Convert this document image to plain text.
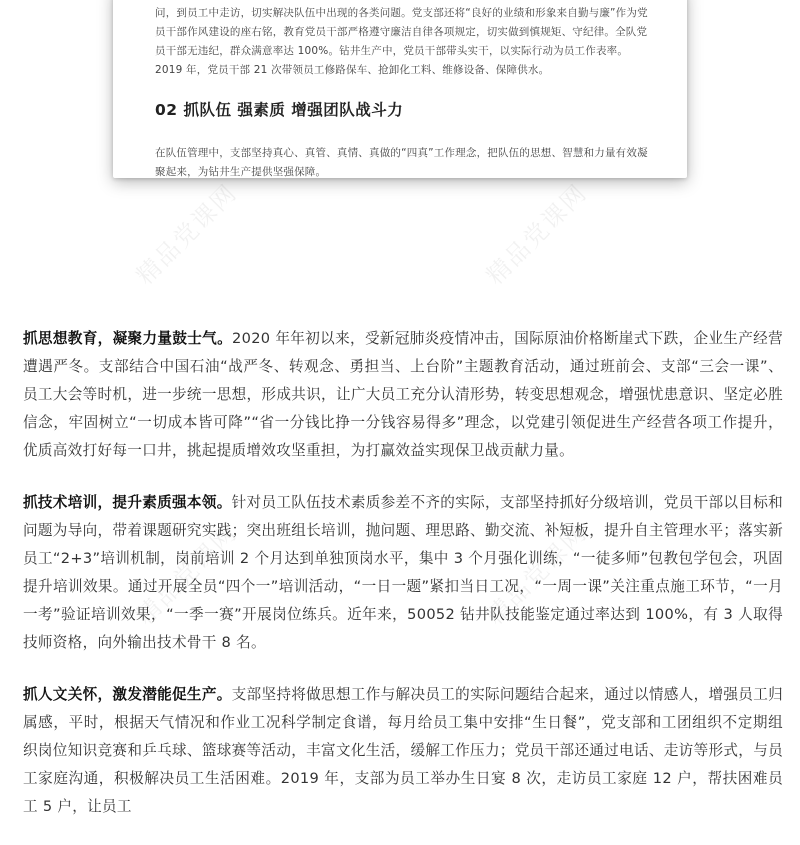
精品党课网	精品党课网
精品党课网	精品党课网

问，到员工中走访，切实解决队伍中出现的各类问题。党支部还将“良好的业绩和形象来自勤与廉”作为党员干部作风建设的座右铭，教育党员干部严格遵守廉洁自律各项规定，切实做到慎规矩、守纪律。全队党员干部无违纪，群众满意率达 100%。钻井生产中，党员干部带头实干，以实际行动为员工作表率。2019 年，党员干部 21 次带领员工修路保车、抢卸化工料、维修设备、保障供水。

02 抓队伍 强素质 增强团队战斗力

在队伍管理中，支部坚持真心、真管、真情、真做的“四真”工作理念，把队伍的思想、智慧和力量有效凝聚起来，为钻井生产提供坚强保障。

抓思想教育，凝聚力量鼓士气。2020 年年初以来，受新冠肺炎疫情冲击，国际原油价格断崖式下跌，企业生产经营遭遇严冬。支部结合中国石油“战严冬、转观念、勇担当、上台阶”主题教育活动，通过班前会、支部“三会一课”、员工大会等时机，进一步统一思想，形成共识，让广大员工充分认清形势，转变思想观念，增强忧患意识、坚定必胜信念，牢固树立“一切成本皆可降”“省一分钱比挣一分钱容易得多”理念，以党建引领促进生产经营各项工作提升，优质高效打好每一口井，挑起提质增效攻坚重担，为打赢效益实现保卫战贡献力量。

抓技术培训，提升素质强本领。针对员工队伍技术素质参差不齐的实际，支部坚持抓好分级培训，党员干部以目标和问题为导向，带着课题研究实践；突出班组长培训，抛问题、理思路、勤交流、补短板，提升自主管理水平；落实新员工“2+3”培训机制，岗前培训 2 个月达到单独顶岗水平，集中 3 个月强化训练，“一徒多师”包教包学包会，巩固提升培训效果。通过开展全员“四个一”培训活动，“一日一题”紧扣当日工况，“一周一课”关注重点施工环节，“一月一考”验证培训效果，“一季一赛”开展岗位练兵。近年来，50052 钻井队技能鉴定通过率达到 100%，有 3 人取得技师资格，向外输出技术骨干 8 名。

抓人文关怀，激发潜能促生产。支部坚持将做思想工作与解决员工的实际问题结合起来，通过以情感人，增强员工归属感，平时，根据天气情况和作业工况科学制定食谱，每月给员工集中安排“生日餐”，党支部和工团组织不定期组织岗位知识竞赛和乒乓球、篮球赛等活动，丰富文化生活，缓解工作压力；党员干部还通过电话、走访等形式，与员工家庭沟通，积极解决员工生活困难。2019 年，支部为员工举办生日宴 8 次，走访员工家庭 12 户，帮扶困难员工 5 户，让员工
